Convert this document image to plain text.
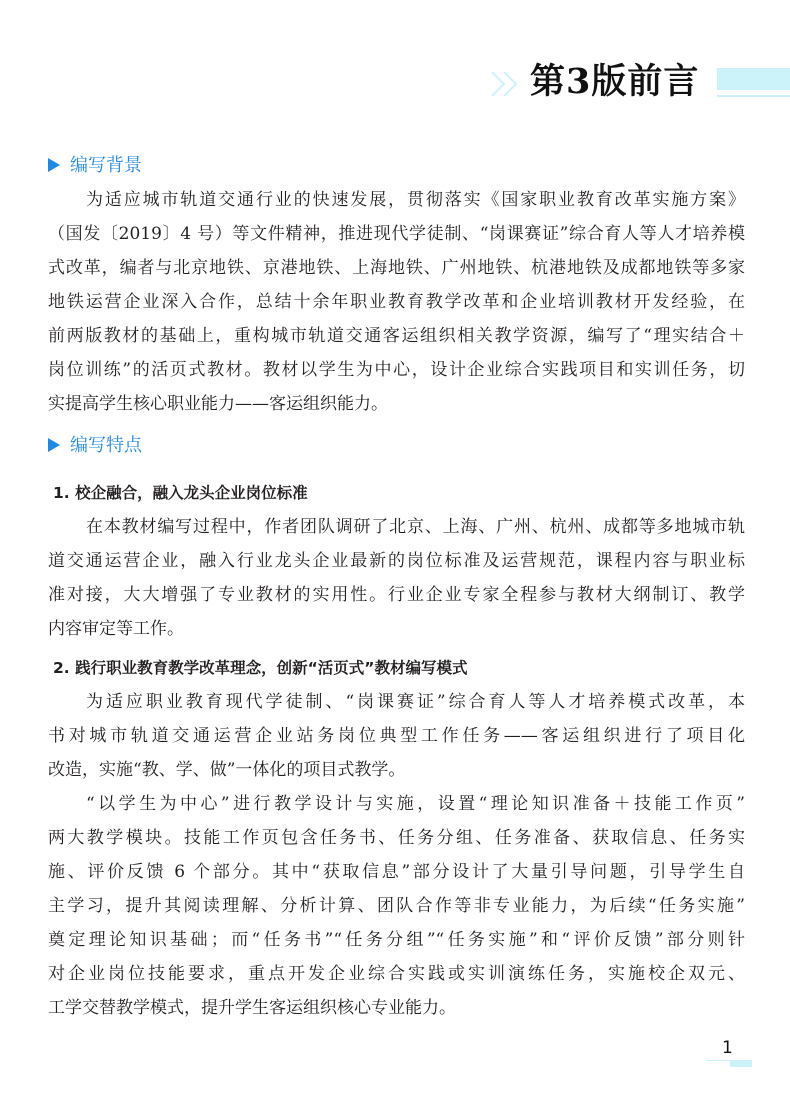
第3版前言
编写背景
为适应城市轨道交通行业的快速发展，贯彻落实《国家职业教育改革实施方案》
（国发〔2019〕4 号）等文件精神，推进现代学徒制、“岗课赛证”综合育人等人才培养模
式改革，编者与北京地铁、京港地铁、上海地铁、广州地铁、杭港地铁及成都地铁等多家
地铁运营企业深入合作，总结十余年职业教育教学改革和企业培训教材开发经验，在
前两版教材的基础上，重构城市轨道交通客运组织相关教学资源，编写了“理实结合＋
岗位训练”的活页式教材。教材以学生为中心，设计企业综合实践项目和实训任务，切
实提高学生核心职业能力——客运组织能力。
编写特点
1. 校企融合，融入龙头企业岗位标准
在本教材编写过程中，作者团队调研了北京、上海、广州、杭州、成都等多地城市轨
道交通运营企业，融入行业龙头企业最新的岗位标准及运营规范，课程内容与职业标
准对接，大大增强了专业教材的实用性。行业企业专家全程参与教材大纲制订、教学
内容审定等工作。
2. 践行职业教育教学改革理念，创新“活页式”教材编写模式
为适应职业教育现代学徒制、“岗课赛证”综合育人等人才培养模式改革，本
书对城市轨道交通运营企业站务岗位典型工作任务——客运组织进行了项目化
改造，实施“教、学、做”一体化的项目式教学。
“以学生为中心”进行教学设计与实施，设置“理论知识准备＋技能工作页”
两大教学模块。技能工作页包含任务书、任务分组、任务准备、获取信息、任务实
施、评价反馈 6 个部分。其中“获取信息”部分设计了大量引导问题，引导学生自
主学习，提升其阅读理解、分析计算、团队合作等非专业能力，为后续“任务实施”
奠定理论知识基础；而“任务书”“任务分组”“任务实施”和“评价反馈”部分则针
对企业岗位技能要求，重点开发企业综合实践或实训演练任务，实施校企双元、
工学交替教学模式，提升学生客运组织核心专业能力。
1
